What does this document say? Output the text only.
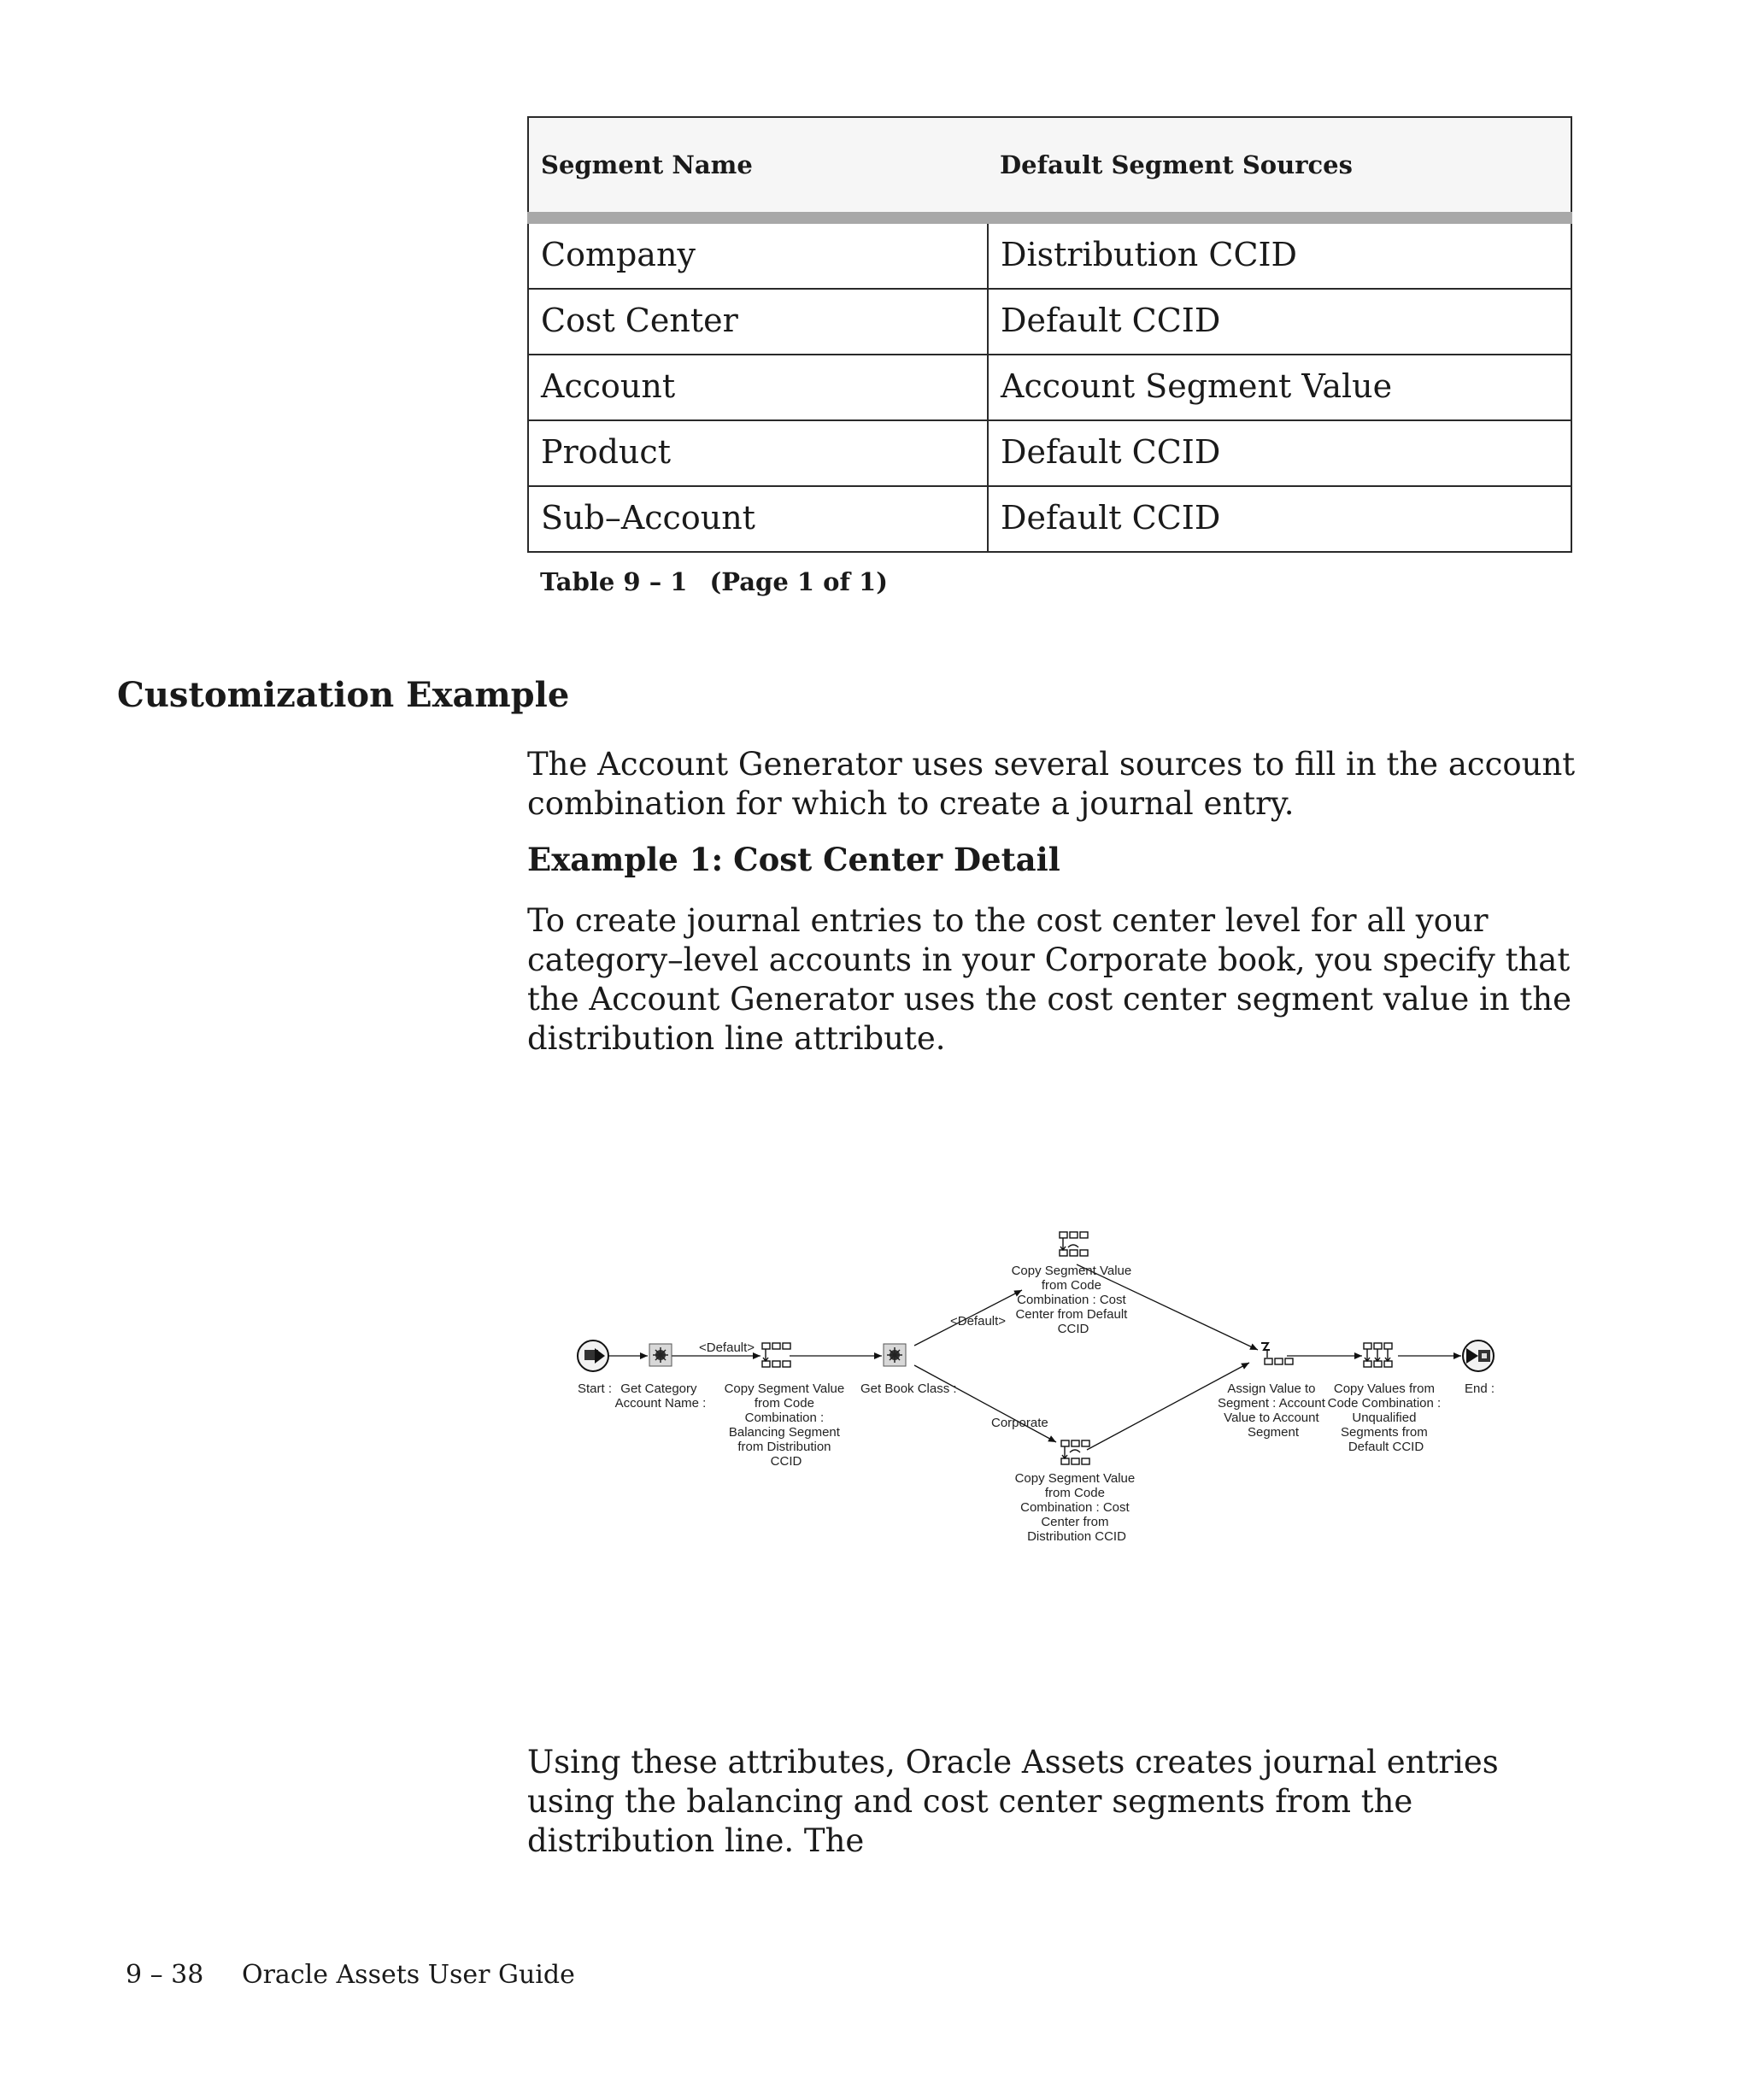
Segment Name	Default Segment Sources
Company	Distribution CCID
Cost Center	Default CCID
Account	Account Segment Value
Product	Default CCID
Sub–Account	Default CCID
Table 9 – 1 (Page 1 of 1)
Customization Example

The Account Generator uses several sources to fill in the account combination for which to create a journal entry.

Example 1: Cost Center Detail

To create journal entries to the cost center level for all your category–level accounts in your Corporate book, you specify that the Account Generator uses the cost center segment value in the distribution line attribute.

<Default>
<Default>
Corporate
Start : Get Category Account Name :
Copy Segment Value from Code Combination : Balancing Segment from Distribution CCID
Get Book Class :
Copy Segment Value from Code Combination : Cost Center from Default CCID
Copy Segment Value from Code Combination : Cost Center from Distribution CCID
Assign Value to Segment : Account Value to Account Segment
Copy Values from Code Combination : Unqualified Segments from Default CCID
End :

Using these attributes, Oracle Assets creates journal entries using the balancing and cost center segments from the distribution line. The

9 – 38 Oracle Assets User Guide
